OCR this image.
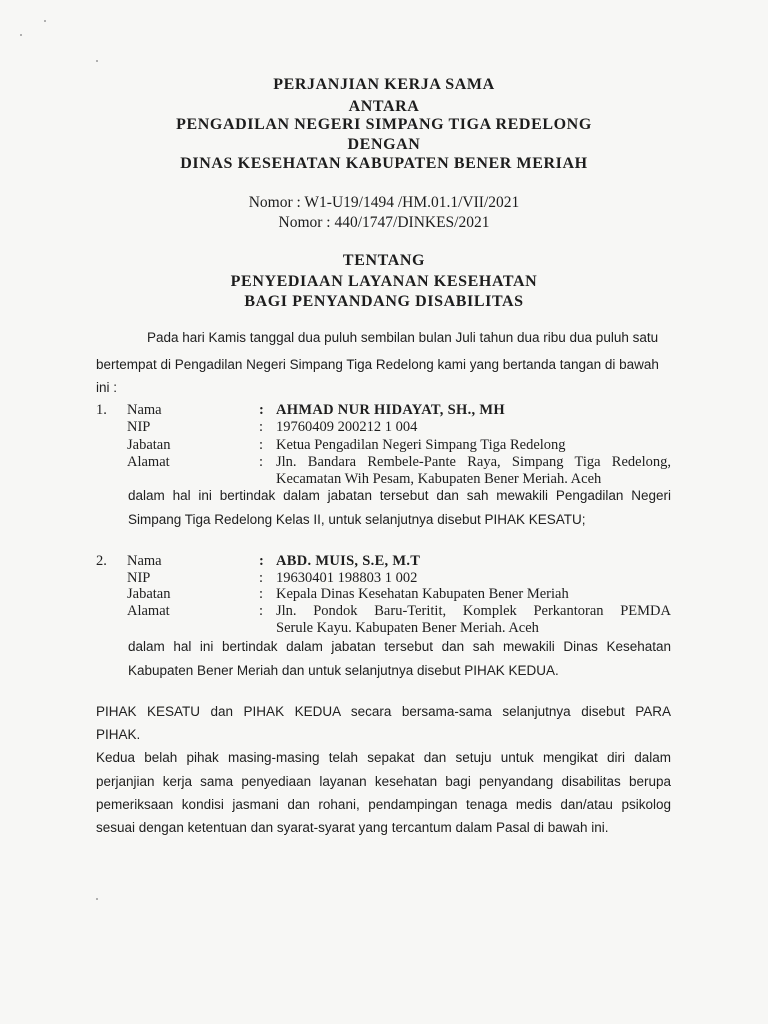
PERJANJIAN KERJA SAMA
ANTARA
PENGADILAN NEGERI SIMPANG TIGA REDELONG
DENGAN
DINAS KESEHATAN KABUPATEN BENER MERIAH
Nomor : W1-U19/1494 /HM.01.1/VII/2021
Nomor : 440/1747/DINKES/2021
TENTANG
PENYEDIAAN LAYANAN KESEHATAN
BAGI PENYANDANG DISABILITAS
Pada hari Kamis tanggal dua puluh sembilan bulan Juli tahun dua ribu dua puluh satu
bertempat di Pengadilan Negeri Simpang Tiga Redelong kami yang bertanda tangan di bawah
ini :
1. Nama	: AHMAD NUR HIDAYAT, SH., MH
NIP	: 19760409 200212 1 004
Jabatan	: Ketua Pengadilan Negeri Simpang Tiga Redelong
Alamat	: Jln. Bandara Rembele-Pante Raya, Simpang Tiga Redelong,
Kecamatan Wih Pesam, Kabupaten Bener Meriah. Aceh
dalam hal ini bertindak dalam jabatan tersebut dan sah mewakili Pengadilan Negeri
Simpang Tiga Redelong Kelas II, untuk selanjutnya disebut PIHAK KESATU;
2. Nama	: ABD. MUIS, S.E, M.T
NIP	: 19630401 198803 1 002
Jabatan	: Kepala Dinas Kesehatan Kabupaten Bener Meriah
Alamat	: Jln. Pondok Baru-Teritit, Komplek Perkantoran PEMDA
Serule Kayu. Kabupaten Bener Meriah. Aceh
dalam hal ini bertindak dalam jabatan tersebut dan sah mewakili Dinas Kesehatan
Kabupaten Bener Meriah dan untuk selanjutnya disebut PIHAK KEDUA.
PIHAK KESATU dan PIHAK KEDUA secara bersama-sama selanjutnya disebut PARA
PIHAK.
Kedua belah pihak masing-masing telah sepakat dan setuju untuk mengikat diri dalam
perjanjian kerja sama penyediaan layanan kesehatan bagi penyandang disabilitas berupa
pemeriksaan kondisi jasmani dan rohani, pendampingan tenaga medis dan/atau psikolog
sesuai dengan ketentuan dan syarat-syarat yang tercantum dalam Pasal di bawah ini.
